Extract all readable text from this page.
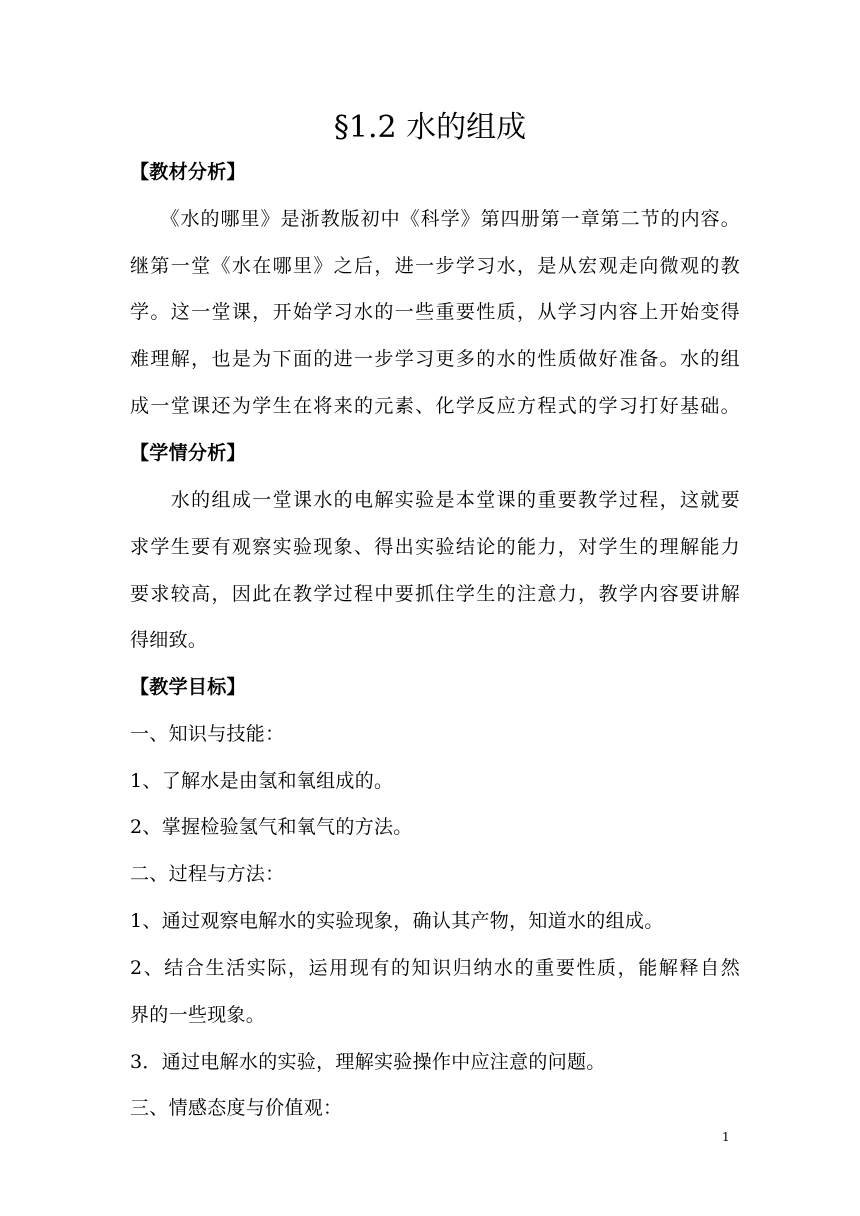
§1.2 水的组成
【教材分析】
　　《水的哪里》是浙教版初中《科学》第四册第一章第二节的内容。
继第一堂《水在哪里》之后，进一步学习水，是从宏观走向微观的教
学。这一堂课，开始学习水的一些重要性质，从学习内容上开始变得
难理解，也是为下面的进一步学习更多的水的性质做好准备。水的组
成一堂课还为学生在将来的元素、化学反应方程式的学习打好基础。
【学情分析】
　　水的组成一堂课水的电解实验是本堂课的重要教学过程，这就要
求学生要有观察实验现象、得出实验结论的能力，对学生的理解能力
要求较高，因此在教学过程中要抓住学生的注意力，教学内容要讲解
得细致。
【教学目标】
一、知识与技能：
1、了解水是由氢和氧组成的。
2、掌握检验氢气和氧气的方法。
二、过程与方法：
1、通过观察电解水的实验现象，确认其产物，知道水的组成。
2、结合生活实际，运用现有的知识归纳水的重要性质，能解释自然
界的一些现象。
3．通过电解水的实验，理解实验操作中应注意的问题。
三、情感态度与价值观：
1
